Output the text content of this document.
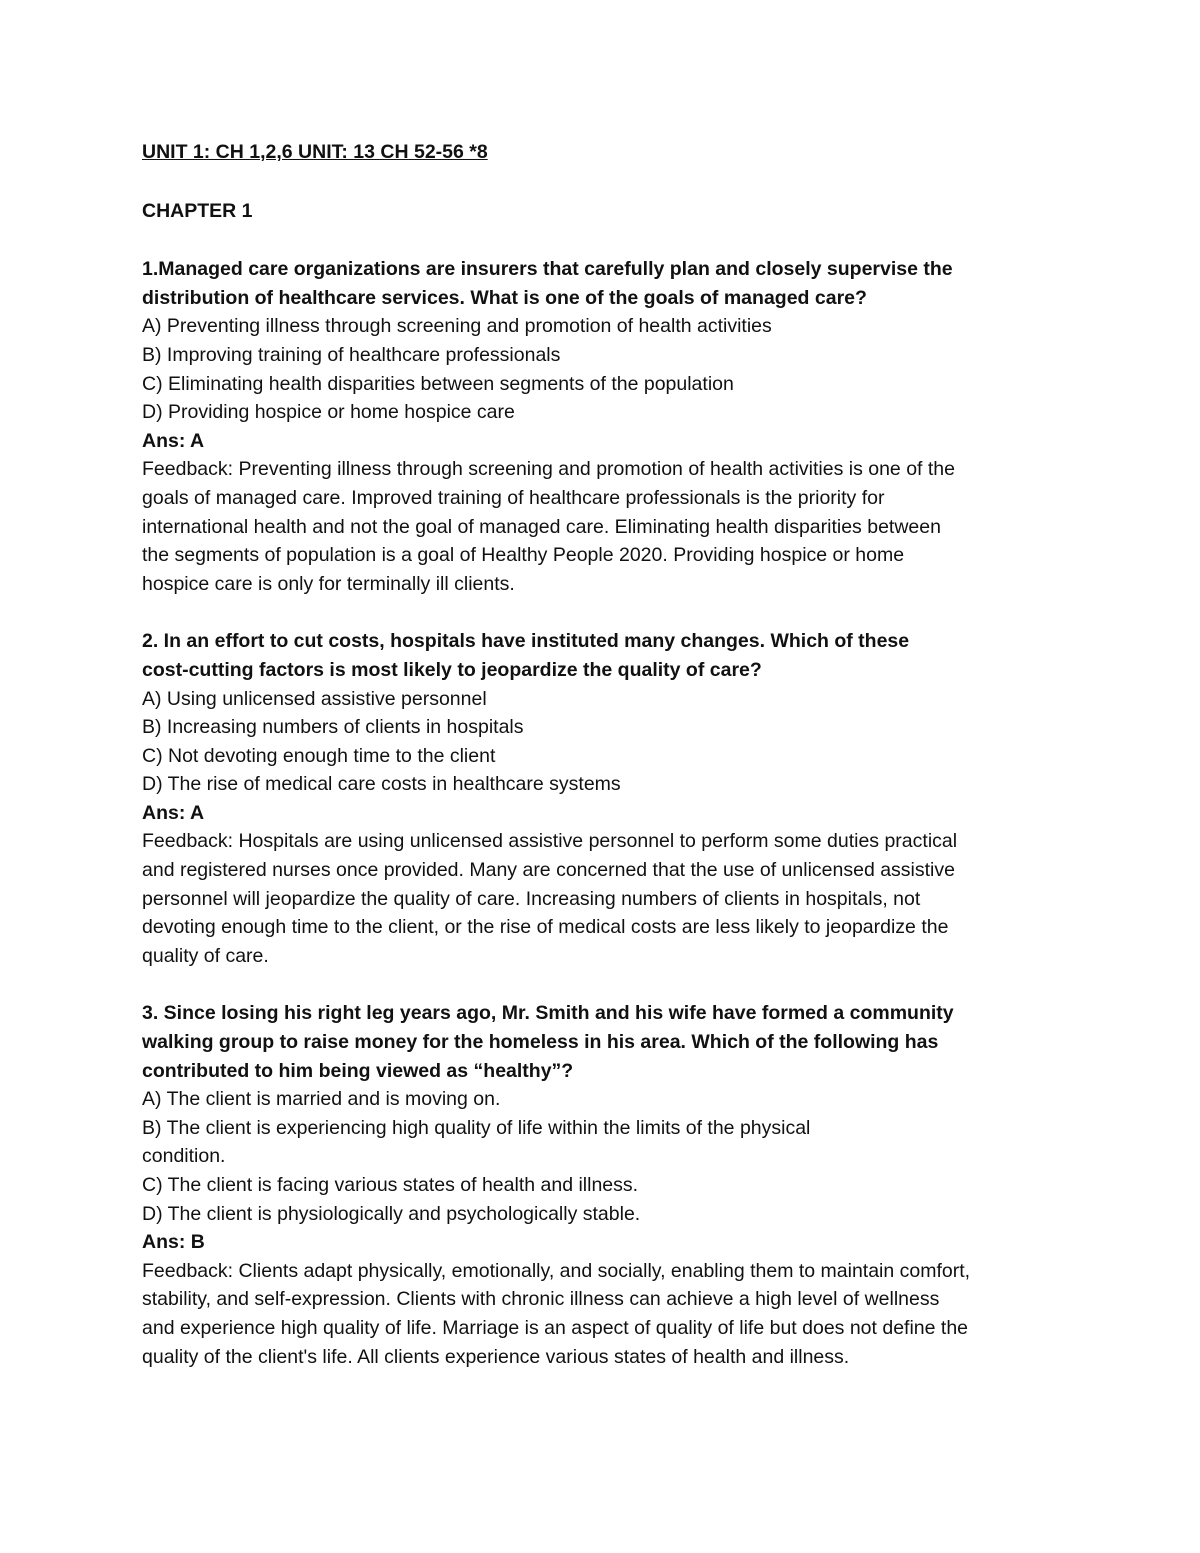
UNIT 1: CH 1,2,6 UNIT: 13 CH 52-56 *8

CHAPTER 1

1.Managed care organizations are insurers that carefully plan and closely supervise the
distribution of healthcare services. What is one of the goals of managed care?

A) Preventing illness through screening and promotion of health activities

B) Improving training of healthcare professionals

C) Eliminating health disparities between segments of the population

D) Providing hospice or home hospice care

Ans: A

Feedback: Preventing illness through screening and promotion of health activities is one of the
goals of managed care. Improved training of healthcare professionals is the priority for
international health and not the goal of managed care. Eliminating health disparities between
the segments of population is a goal of Healthy People 2020. Providing hospice or home
hospice care is only for terminally ill clients.

2. In an effort to cut costs, hospitals have instituted many changes. Which of these
cost-cutting factors is most likely to jeopardize the quality of care?

A) Using unlicensed assistive personnel

B) Increasing numbers of clients in hospitals

C) Not devoting enough time to the client

D) The rise of medical care costs in healthcare systems

Ans: A

Feedback: Hospitals are using unlicensed assistive personnel to perform some duties practical
and registered nurses once provided. Many are concerned that the use of unlicensed assistive
personnel will jeopardize the quality of care. Increasing numbers of clients in hospitals, not
devoting enough time to the client, or the rise of medical costs are less likely to jeopardize the
quality of care.

3. Since losing his right leg years ago, Mr. Smith and his wife have formed a community
walking group to raise money for the homeless in his area. Which of the following has
contributed to him being viewed as “healthy”?

A) The client is married and is moving on.

B) The client is experiencing high quality of life within the limits of the physical

condition.

C) The client is facing various states of health and illness.

D) The client is physiologically and psychologically stable.

Ans: B

Feedback: Clients adapt physically, emotionally, and socially, enabling them to maintain comfort,
stability, and self-expression. Clients with chronic illness can achieve a high level of wellness
and experience high quality of life. Marriage is an aspect of quality of life but does not define the
quality of the client's life. All clients experience various states of health and illness.
